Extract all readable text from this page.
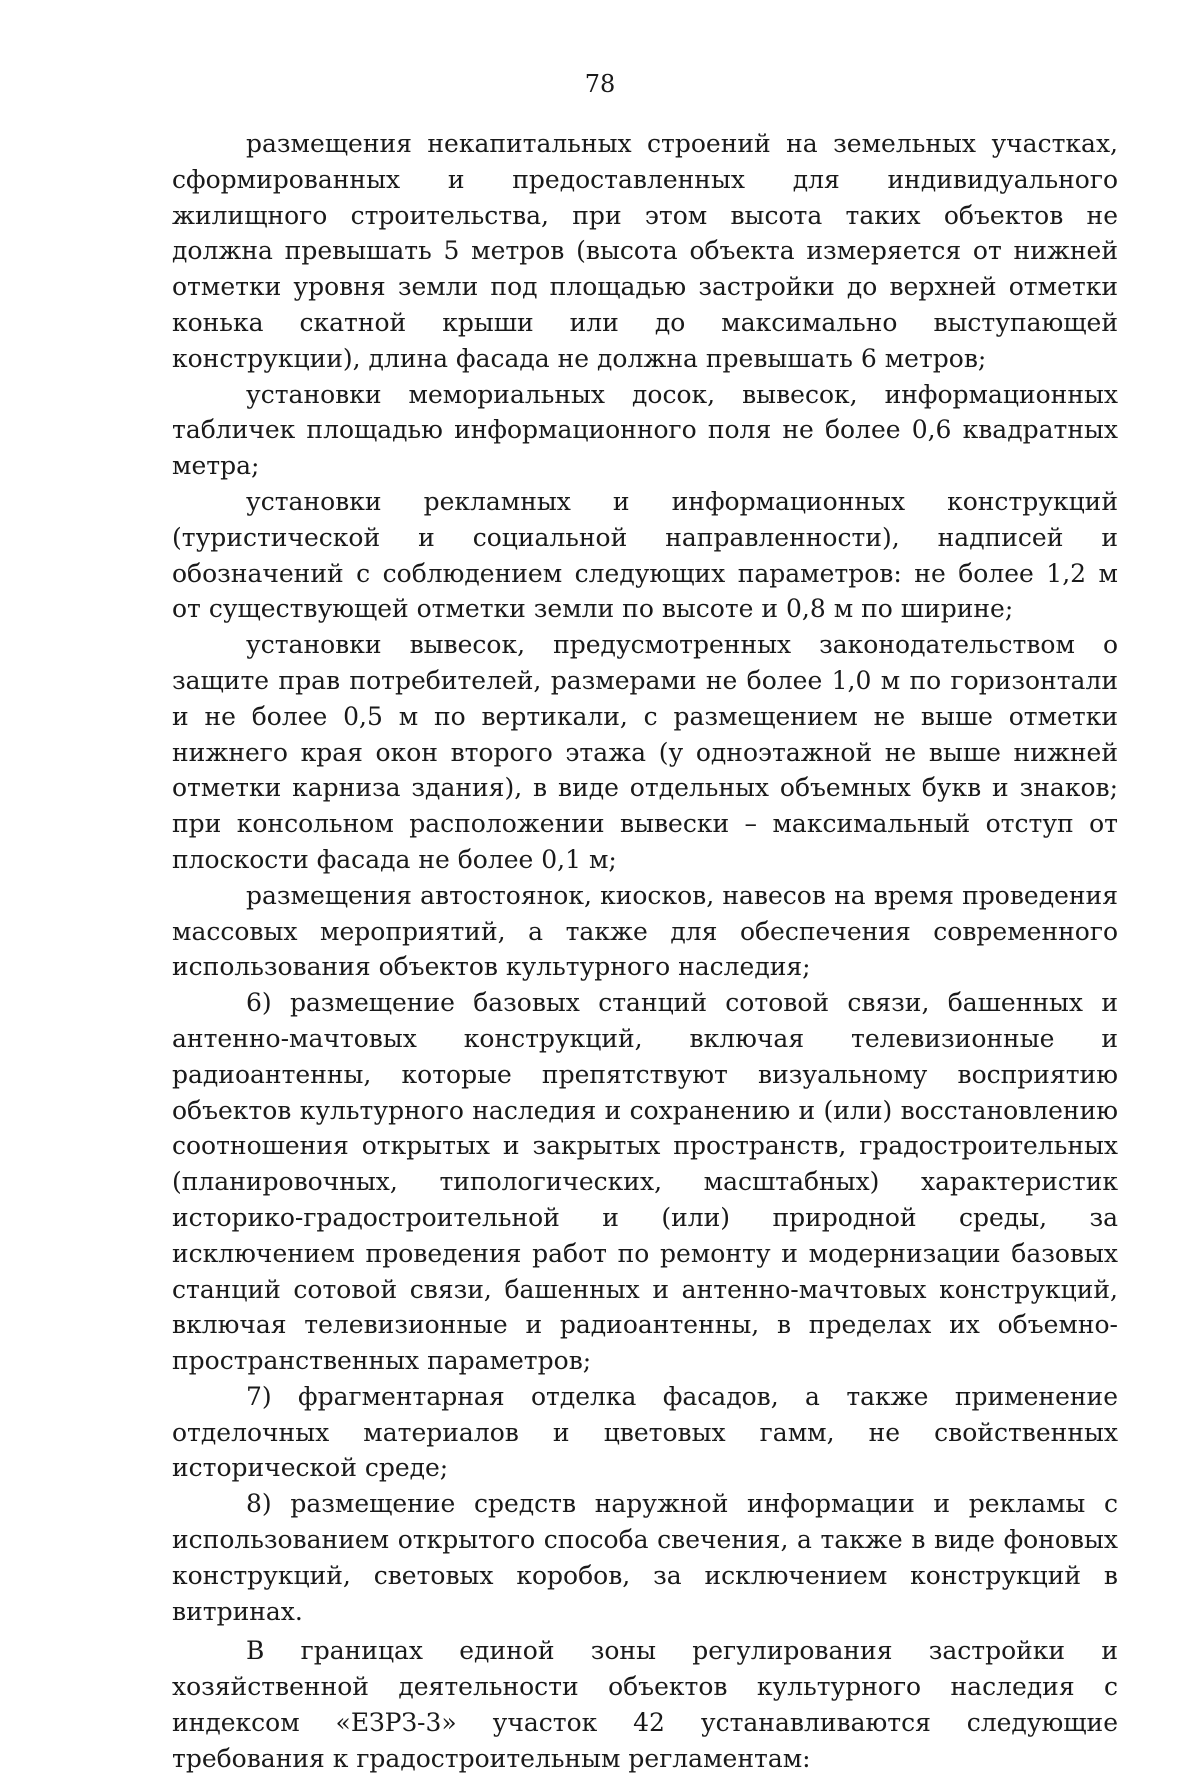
78

размещения некапитальных строений на земельных участках, сформированных и предоставленных для индивидуального жилищного строительства, при этом высота таких объектов не должна превышать 5 метров (высота объекта измеряется от нижней отметки уровня земли под площадью застройки до верхней отметки конька скатной крыши или до максимально выступающей конструкции), длина фасада не должна превышать 6 метров;

установки мемориальных досок, вывесок, информационных табличек площадью информационного поля не более 0,6 квадратных метра;

установки рекламных и информационных конструкций (туристической и социальной направленности), надписей и обозначений с соблюдением следующих параметров: не более 1,2 м от существующей отметки земли по высоте и 0,8 м по ширине;

установки вывесок, предусмотренных законодательством о защите прав потребителей, размерами не более 1,0 м по горизонтали и не более 0,5 м по вертикали, с размещением не выше отметки нижнего края окон второго этажа (у одноэтажной не выше нижней отметки карниза здания), в виде отдельных объемных букв и знаков; при консольном расположении вывески – максимальный отступ от плоскости фасада не более 0,1 м;

размещения автостоянок, киосков, навесов на время проведения массовых мероприятий, а также для обеспечения современного использования объектов культурного наследия;

6) размещение базовых станций сотовой связи, башенных и антенно-мачтовых конструкций, включая телевизионные и радиоантенны, которые препятствуют визуальному восприятию объектов культурного наследия и сохранению и (или) восстановлению соотношения открытых и закрытых пространств, градостроительных (планировочных, типологических, масштабных) характеристик историко-градостроительной и (или) природной среды, за исключением проведения работ по ремонту и модернизации базовых станций сотовой связи, башенных и антенно-мачтовых конструкций, включая телевизионные и радиоантенны, в пределах их объемно-пространственных параметров;

7) фрагментарная отделка фасадов, а также применение отделочных материалов и цветовых гамм, не свойственных исторической среде;

8) размещение средств наружной информации и рекламы с использованием открытого способа свечения, а также в виде фоновых конструкций, световых коробов, за исключением конструкций в витринах.

В границах единой зоны регулирования застройки и хозяйственной деятельности объектов культурного наследия с индексом «ЕЗРЗ-3» участок 42 устанавливаются следующие требования к градостроительным регламентам:
